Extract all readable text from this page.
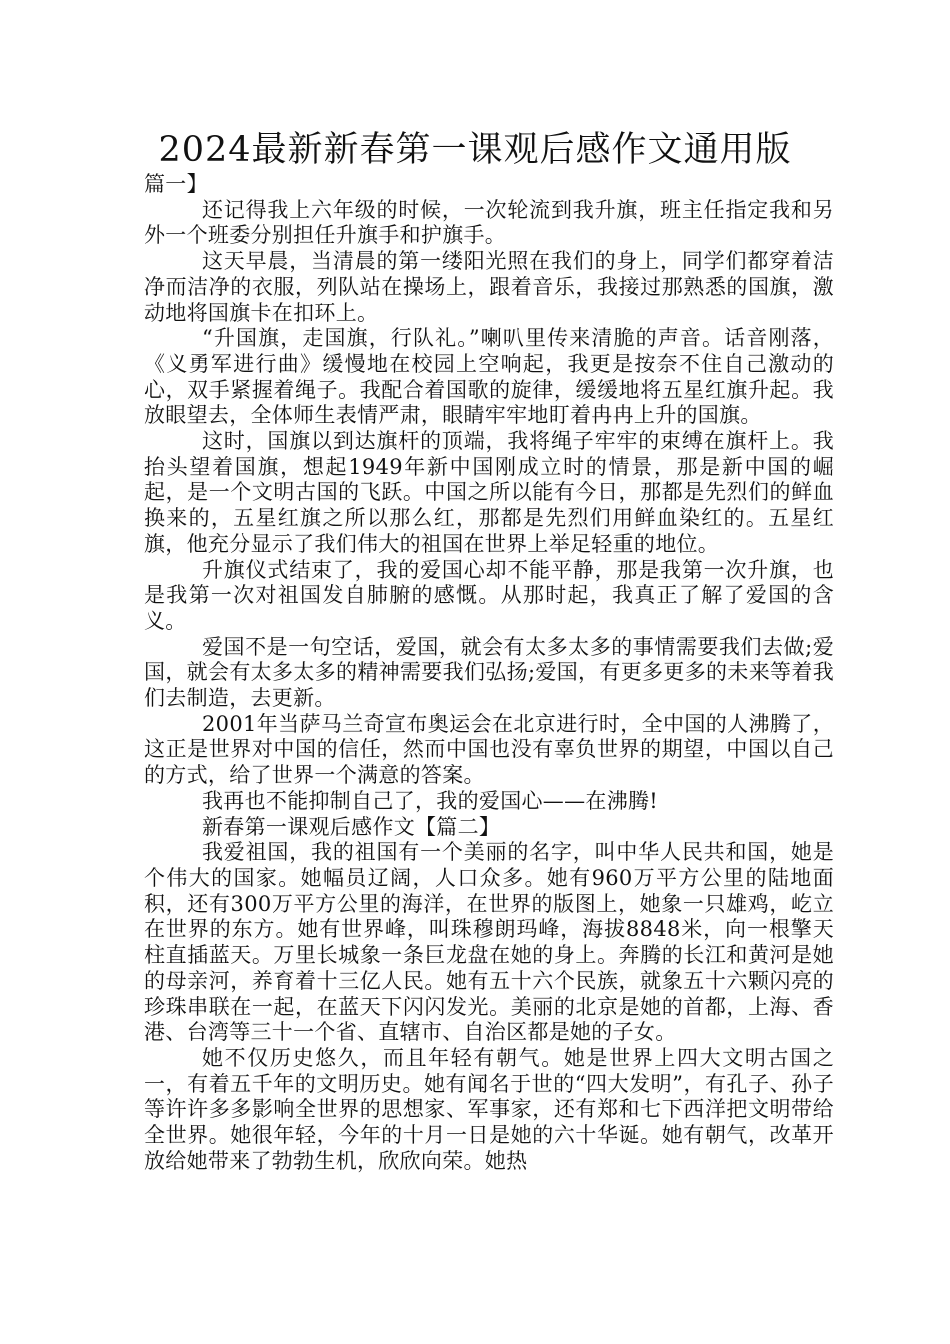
2024最新新春第一课观后感作文通用版

篇一】

还记得我上六年级的时候，一次轮流到我升旗，班主任指定我和另外一个班委分别担任升旗手和护旗手。

这天早晨，当清晨的第一缕阳光照在我们的身上，同学们都穿着洁净而洁净的衣服，列队站在操场上，跟着音乐，我接过那熟悉的国旗，激动地将国旗卡在扣环上。

“升国旗，走国旗，行队礼。”喇叭里传来清脆的声音。话音刚落，《义勇军进行曲》缓慢地在校园上空响起，我更是按奈不住自己激动的心，双手紧握着绳子。我配合着国歌的旋律，缓缓地将五星红旗升起。我放眼望去，全体师生表情严肃，眼睛牢牢地盯着冉冉上升的国旗。

这时，国旗以到达旗杆的顶端，我将绳子牢牢的束缚在旗杆上。我抬头望着国旗，想起1949年新中国刚成立时的情景，那是新中国的崛起，是一个文明古国的飞跃。中国之所以能有今日，那都是先烈们的鲜血换来的，五星红旗之所以那么红，那都是先烈们用鲜血染红的。五星红旗，他充分显示了我们伟大的祖国在世界上举足轻重的地位。

升旗仪式结束了，我的爱国心却不能平静，那是我第一次升旗，也是我第一次对祖国发自肺腑的感慨。从那时起，我真正了解了爱国的含义。

爱国不是一句空话，爱国，就会有太多太多的事情需要我们去做;爱国，就会有太多太多的精神需要我们弘扬;爱国，有更多更多的未来等着我们去制造，去更新。

2001年当萨马兰奇宣布奥运会在北京进行时，全中国的人沸腾了，这正是世界对中国的信任，然而中国也没有辜负世界的期望，中国以自己的方式，给了世界一个满意的答案。

我再也不能抑制自己了，我的爱国心——在沸腾!

新春第一课观后感作文【篇二】

我爱祖国，我的祖国有一个美丽的名字，叫中华人民共和国，她是个伟大的国家。她幅员辽阔，人口众多。她有960万平方公里的陆地面积，还有300万平方公里的海洋，在世界的版图上，她象一只雄鸡，屹立在世界的东方。她有世界峰，叫珠穆朗玛峰，海拔8848米，向一根擎天柱直插蓝天。万里长城象一条巨龙盘在她的身上。奔腾的长江和黄河是她的母亲河，养育着十三亿人民。她有五十六个民族，就象五十六颗闪亮的珍珠串联在一起，在蓝天下闪闪发光。美丽的北京是她的首都，上海、香港、台湾等三十一个省、直辖市、自治区都是她的子女。

她不仅历史悠久，而且年轻有朝气。她是世界上四大文明古国之一，有着五千年的文明历史。她有闻名于世的“四大发明”，有孔子、孙子等许许多多影响全世界的思想家、军事家，还有郑和七下西洋把文明带给全世界。她很年轻，今年的十月一日是她的六十华诞。她有朝气，改革开放给她带来了勃勃生机，欣欣向荣。她热
